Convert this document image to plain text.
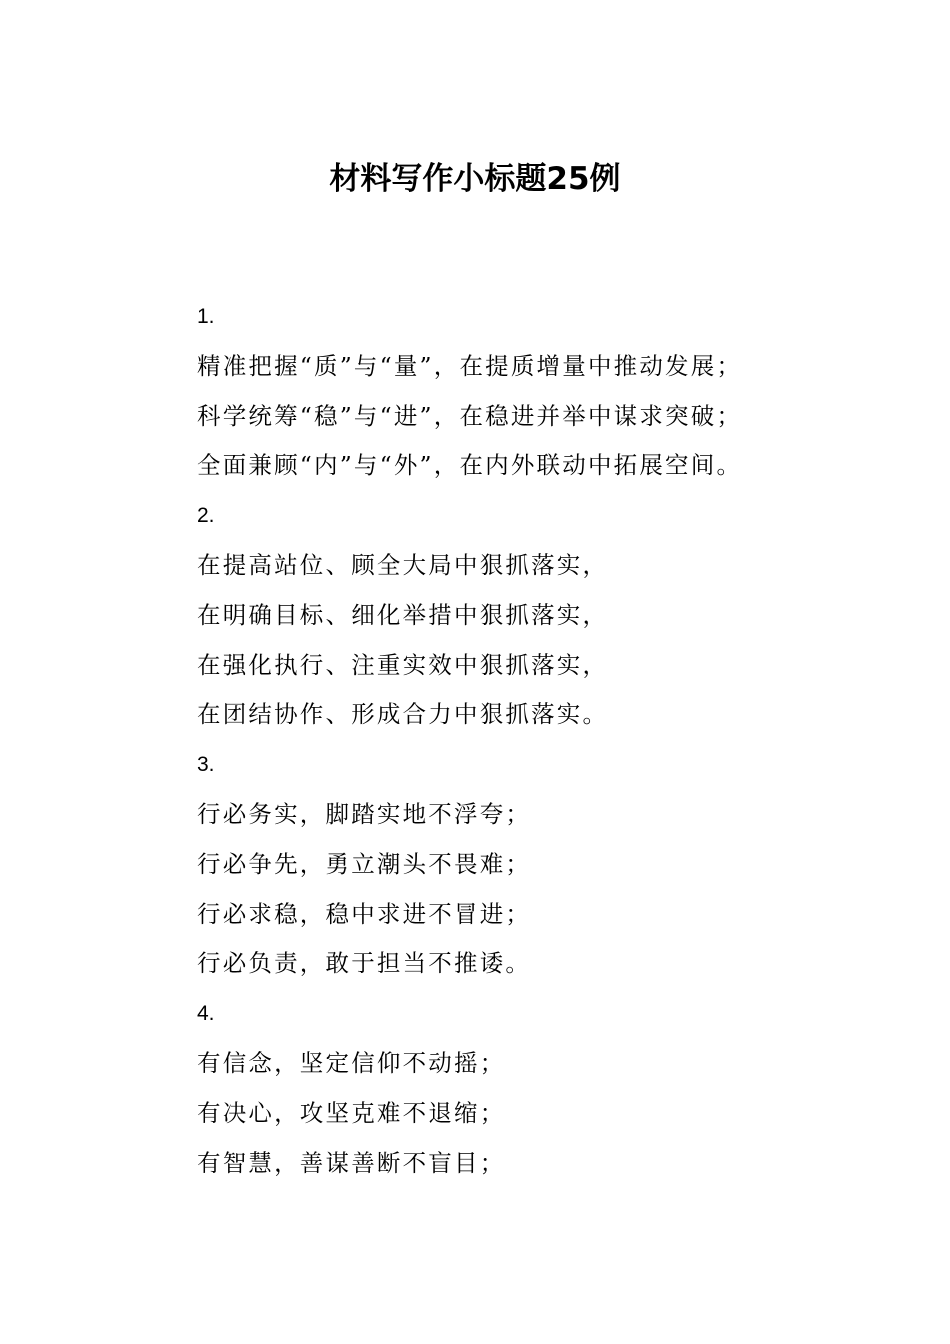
材料写作小标题25例
1.
精准把握“质”与“量”，在提质增量中推动发展；
科学统筹“稳”与“进”，在稳进并举中谋求突破；
全面兼顾“内”与“外”，在内外联动中拓展空间。
2.
在提高站位、顾全大局中狠抓落实，
在明确目标、细化举措中狠抓落实，
在强化执行、注重实效中狠抓落实，
在团结协作、形成合力中狠抓落实。
3.
行必务实，脚踏实地不浮夸；
行必争先，勇立潮头不畏难；
行必求稳，稳中求进不冒进；
行必负责，敢于担当不推诿。
4.
有信念，坚定信仰不动摇；
有决心，攻坚克难不退缩；
有智慧，善谋善断不盲目；
